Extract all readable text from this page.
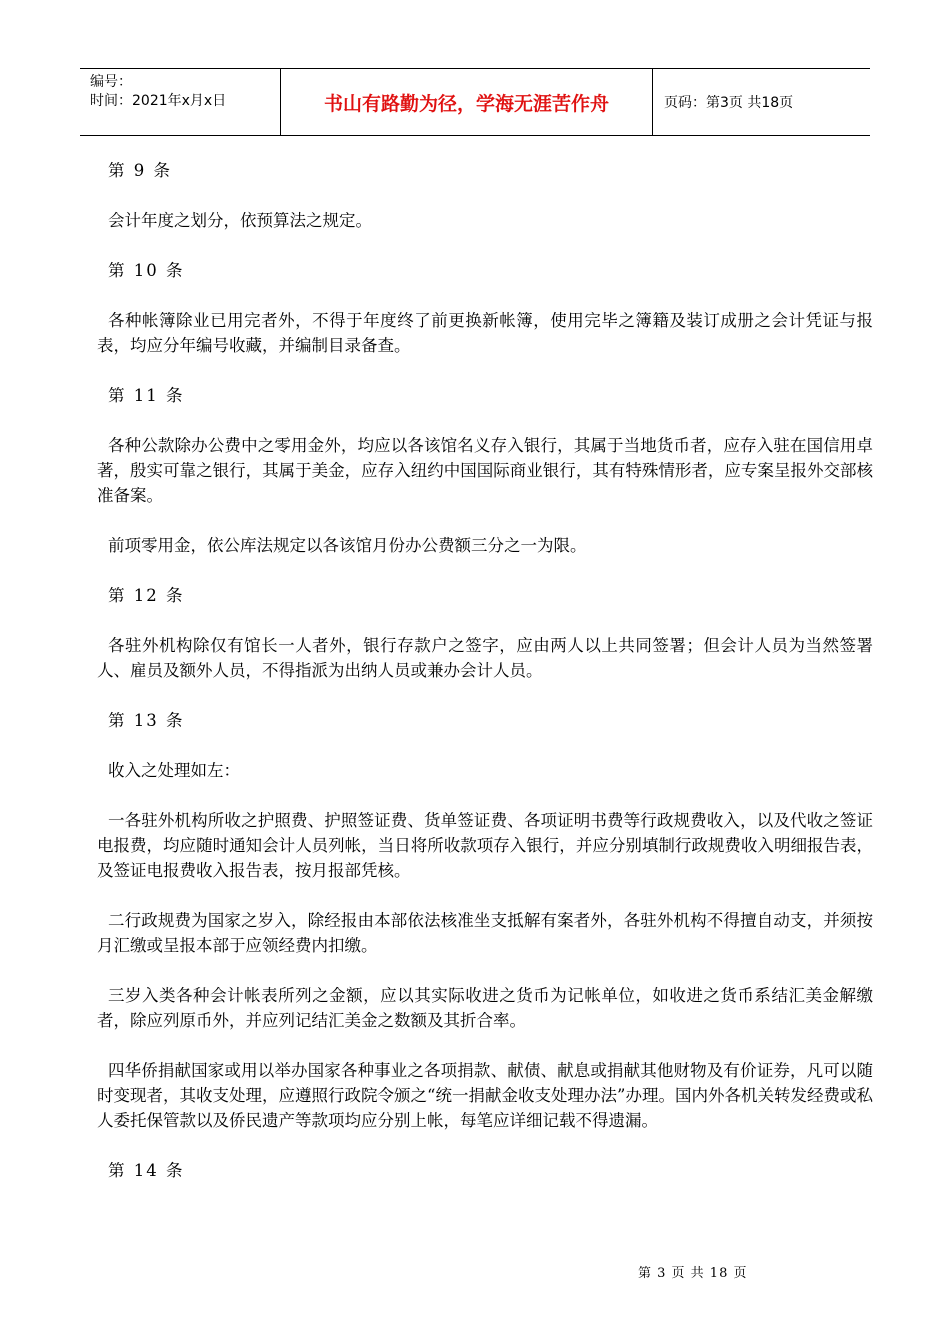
编号：
时间：2021年x月x日	书山有路勤为径，学海无涯苦作舟	页码：第3页 共18页
第 9 条
会计年度之划分，依预算法之规定。
第 10 条
各种帐簿除业已用完者外，不得于年度终了前更换新帐簿，使用完毕之簿籍及装订成册之会计凭证与报表，均应分年编号收藏，并编制目录备查。
第 11 条
各种公款除办公费中之零用金外，均应以各该馆名义存入银行，其属于当地货币者，应存入驻在国信用卓著，殷实可靠之银行，其属于美金，应存入纽约中国国际商业银行，其有特殊情形者，应专案呈报外交部核准备案。
前项零用金，依公库法规定以各该馆月份办公费额三分之一为限。
第 12 条
各驻外机构除仅有馆长一人者外，银行存款户之签字，应由两人以上共同签署；但会计人员为当然签署人、雇员及额外人员，不得指派为出纳人员或兼办会计人员。
第 13 条
收入之处理如左：
一各驻外机构所收之护照费、护照签证费、货单签证费、各项证明书费等行政规费收入，以及代收之签证电报费，均应随时通知会计人员列帐，当日将所收款项存入银行，并应分别填制行政规费收入明细报告表，及签证电报费收入报告表，按月报部凭核。
二行政规费为国家之岁入，除经报由本部依法核准坐支抵解有案者外，各驻外机构不得擅自动支，并须按月汇缴或呈报本部于应领经费内扣缴。
三岁入类各种会计帐表所列之金额，应以其实际收进之货币为记帐单位，如收进之货币系结汇美金解缴者，除应列原币外，并应列记结汇美金之数额及其折合率。
四华侨捐献国家或用以举办国家各种事业之各项捐款、献债、献息或捐献其他财物及有价证券，凡可以随时变现者，其收支处理，应遵照行政院令颁之“统一捐献金收支处理办法”办理。国内外各机关转发经费或私人委托保管款以及侨民遗产等款项均应分别上帐，每笔应详细记载不得遗漏。
第 14 条
第 3 页 共 18 页
